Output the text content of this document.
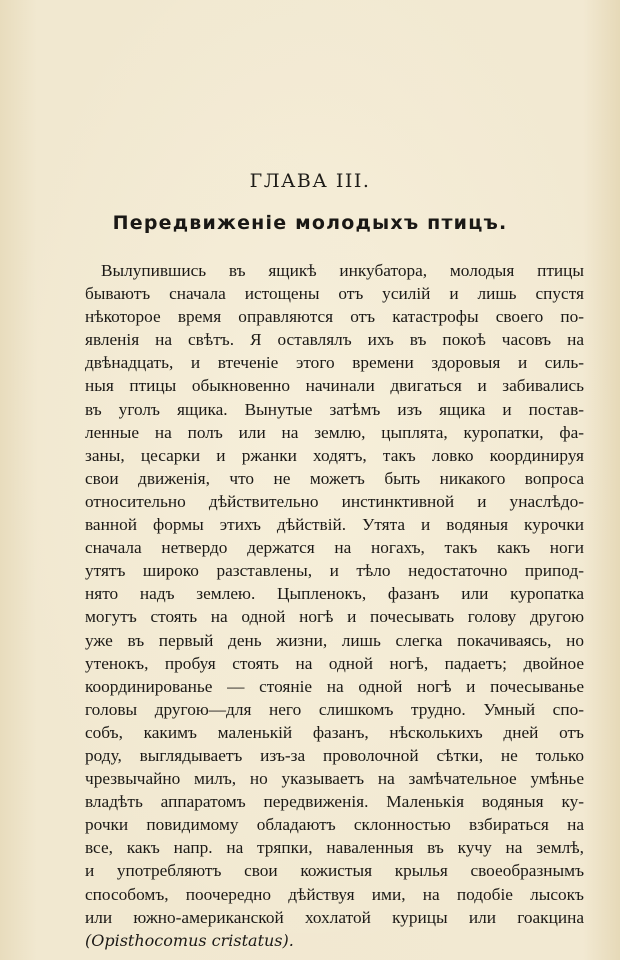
ГЛАВА III.
Передвиженіе молодыхъ птицъ.
Вылупившись въ ящикѣ инкубатора, молодыя птицы
бываютъ сначала истощены отъ усилій и лишь спустя
нѣкоторое время оправляются отъ катастрофы своего по-
явленія на свѣтъ. Я оставлялъ ихъ въ покоѣ часовъ на
двѣнадцать, и втеченіе этого времени здоровыя и силь-
ныя птицы обыкновенно начинали двигаться и забивались
въ уголъ ящика. Вынутые затѣмъ изъ ящика и постав-
ленные на полъ или на землю, цыплята, куропатки, фа-
заны, цесарки и ржанки ходятъ, такъ ловко координируя
свои движенія, что не можетъ быть никакого вопроса
относительно дѣйствительно инстинктивной и унаслѣдо-
ванной формы этихъ дѣйствій. Утята и водяныя курочки
сначала нетвердо держатся на ногахъ, такъ какъ ноги
утятъ широко разставлены, и тѣло недостаточно припод-
нято надъ землею. Цыпленокъ, фазанъ или куропатка
могутъ стоять на одной ногѣ и почесывать голову другою
уже въ первый день жизни, лишь слегка покачиваясь, но
утенокъ, пробуя стоять на одной ногѣ, падаетъ; двойное
координированье — стояніе на одной ногѣ и почесыванье
головы другою—для него слишкомъ трудно. Умный спо-
собъ, какимъ маленькій фазанъ, нѣсколькихъ дней отъ
роду, выглядываетъ изъ-за проволочной сѣтки, не только
чрезвычайно милъ, но указываетъ на замѣчательное умѣнье
владѣть аппаратомъ передвиженія. Маленькія водяныя ку-
рочки повидимому обладаютъ склонностью взбираться на
все, какъ напр. на тряпки, наваленныя въ кучу на землѣ,
и употребляютъ свои кожистыя крылья своеобразнымъ
способомъ, поочередно дѣйствуя ими, на подобіе лысокъ
или южно-американской хохлатой курицы или гоакцина
(Opisthocomus cristatus).
